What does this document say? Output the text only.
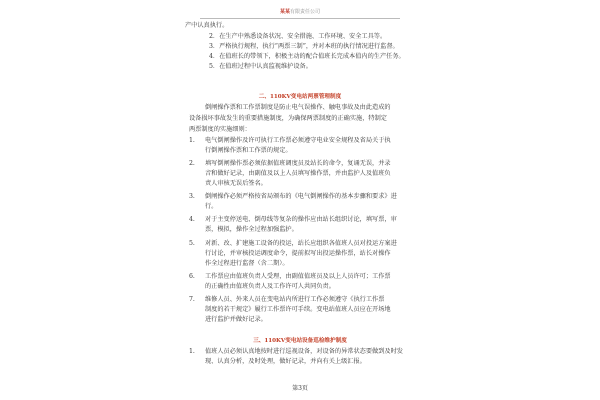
某某有限责任公司
产中认真执行。
2．在生产中熟悉设备状况、安全措施、工作环境、安全工具等。
3．严格执行规程，执行“两票三制”，并对本班的执行情况进行监督。
4．在值班长的带领下，积极主动的配合值班长完成本值内的生产任务。
5．在值班过程中认真监视维护设备。
二、110KV变电站两票管理制度
倒闸操作票和工作票制度是防止电气误操作、触电事故及由此造成的
设备损坏事故发生的重要措施制度，为确保两票制度的正确实施，特制定
两票制度的实施细则：
1. 电气倒闸操作及许可执行工作票必须遵守电业安全规程及省局关于执
行倒闸操作票和工作票的规定。
2. 填写倒闸操作票必须依据值班调度员及站长的命令，复诵无误，并录
音和做好记录，由副值及以上人员填写操作票，并由监护人及值班负
责人审核无误后签名。
3. 倒闸操作必须严格按省局颁布的《电气倒闸操作的基本步骤和要求》进
行。
4. 对于主变停送电、倒母线等复杂的操作应由站长组织讨论，填写票，审
票，模拟，操作全过程加强监护。
5. 对新、改、扩建施工设备的投运，站长应组织各值班人员对投运方案进
行讨论，并审核投运调度命令，提前拟写出投运操作票，站长对操作
作全过程进行监督（含二期）。
6. 工作票应由值班负责人受理，由副值值班员及以上人员许可；工作票
的正确性由值班负责人及工作许可人共同负责。
7. 维修人员、外来人员在变电站内所进行工作必须遵守《执行工作票
制度的若干规定》履行工作票许可手续。变电站值班人员应在开场地
进行监护并做好记录。
三、110KV变电站设备巡检维护制度
1. 值班人员必须认真地按时进行巡视设备，对设备的异常状态要做到及时发
现、认真分析，及时处理，做好记录，并向有关上级汇报。
第3页
